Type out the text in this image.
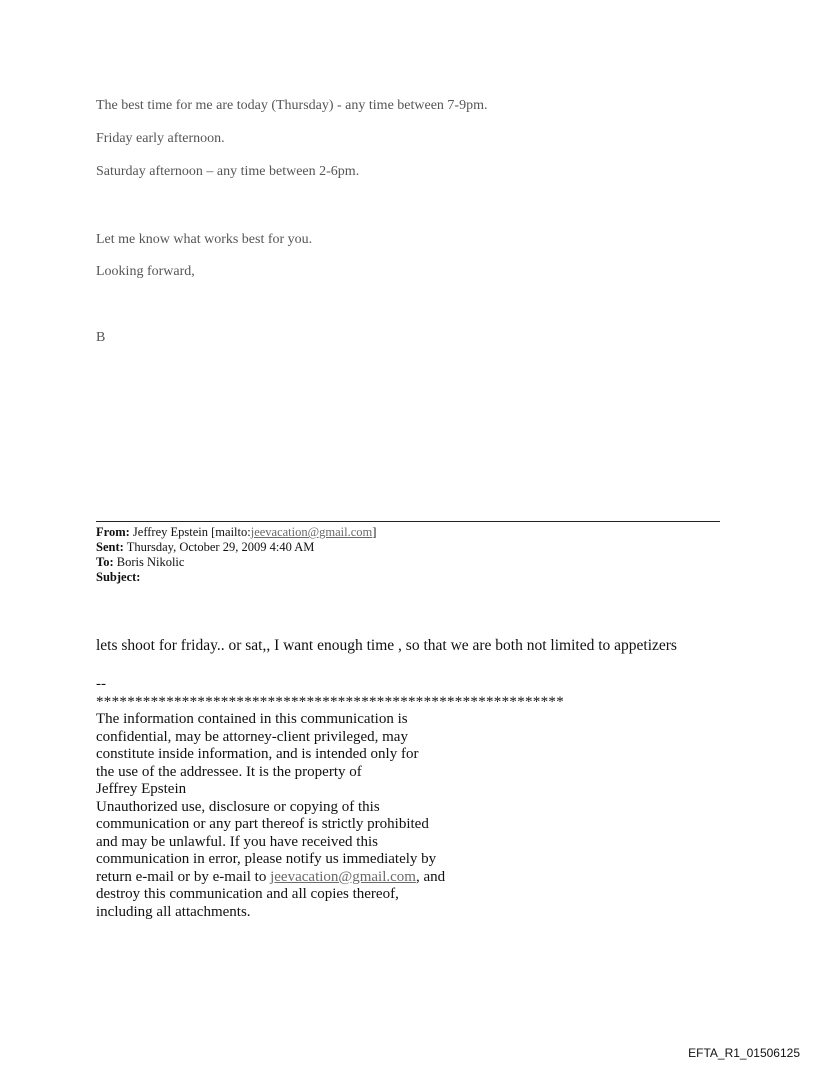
The best time for me are today (Thursday) - any time between 7-9pm.
Friday early afternoon.
Saturday afternoon – any time between 2-6pm.
Let me know what works best for you.
Looking forward,
B
From: Jeffrey Epstein [mailto:jeevacation@gmail.com]
Sent: Thursday, October 29, 2009 4:40 AM
To: Boris Nikolic
Subject:
lets shoot for friday.. or sat,, I want enough time , so that we are both not limited to appetizers
--
************************************************************
The information contained in this communication is
confidential, may be attorney-client privileged, may
constitute inside information, and is intended only for
the use of the addressee. It is the property of
Jeffrey Epstein
Unauthorized use, disclosure or copying of this
communication or any part thereof is strictly prohibited
and may be unlawful. If you have received this
communication in error, please notify us immediately by
return e-mail or by e-mail to jeevacation@gmail.com, and
destroy this communication and all copies thereof,
including all attachments.
EFTA_R1_01506125
